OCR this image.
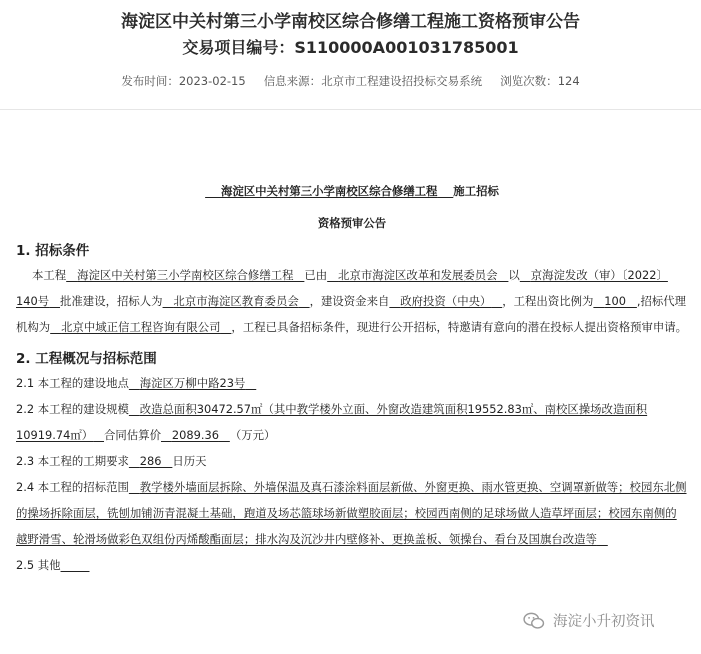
海淀区中关村第三小学南校区综合修缮工程施工资格预审公告
交易项目编号：S110000A001031785001
发布时间：2023-02-15 信息来源：北京市工程建设招投标交易系统 浏览次数：124
海淀区中关村第三小学南校区综合修缮工程 施工招标
资格预审公告
1. 招标条件
本工程 海淀区中关村第三小学南校区综合修缮工程 已由 北京市海淀区改革和发展委员会 以 京海淀发改（审）〔2022〕140号 批准建设，招标人为 北京市海淀区教育委员会 ，建设资金来自 政府投资（中央） ，工程出资比例为 100 ,招标代理机构为 北京中域正信工程咨询有限公司 ，工程已具备招标条件，现进行公开招标，特邀请有意向的潜在投标人提出资格预审申请。
2. 工程概况与招标范围
2.1 本工程的建设地点 海淀区万柳中路23号
2.2 本工程的建设规模 改造总面积30472.57㎡（其中教学楼外立面、外窗改造建筑面积19552.83㎡、南校区操场改造面积10919.74㎡） 合同估算价 2089.36 （万元）
2.3 本工程的工期要求 286 日历天
2.4 本工程的招标范围 教学楼外墙面层拆除、外墙保温及真石漆涂料面层新做、外窗更换、雨水管更换、空调罩新做等；校园东北侧的操场拆除面层，铣刨加铺沥青混凝土基础，跑道及场芯篮球场新做塑胶面层；校园西南侧的足球场做人造草坪面层；校园东南侧的越野滑雪、轮滑场做彩色双组份丙烯酸酯面层；排水沟及沉沙井内壁修补、更换盖板、领操台、看台及国旗台改造等
2.5 其他
海淀小升初资讯
